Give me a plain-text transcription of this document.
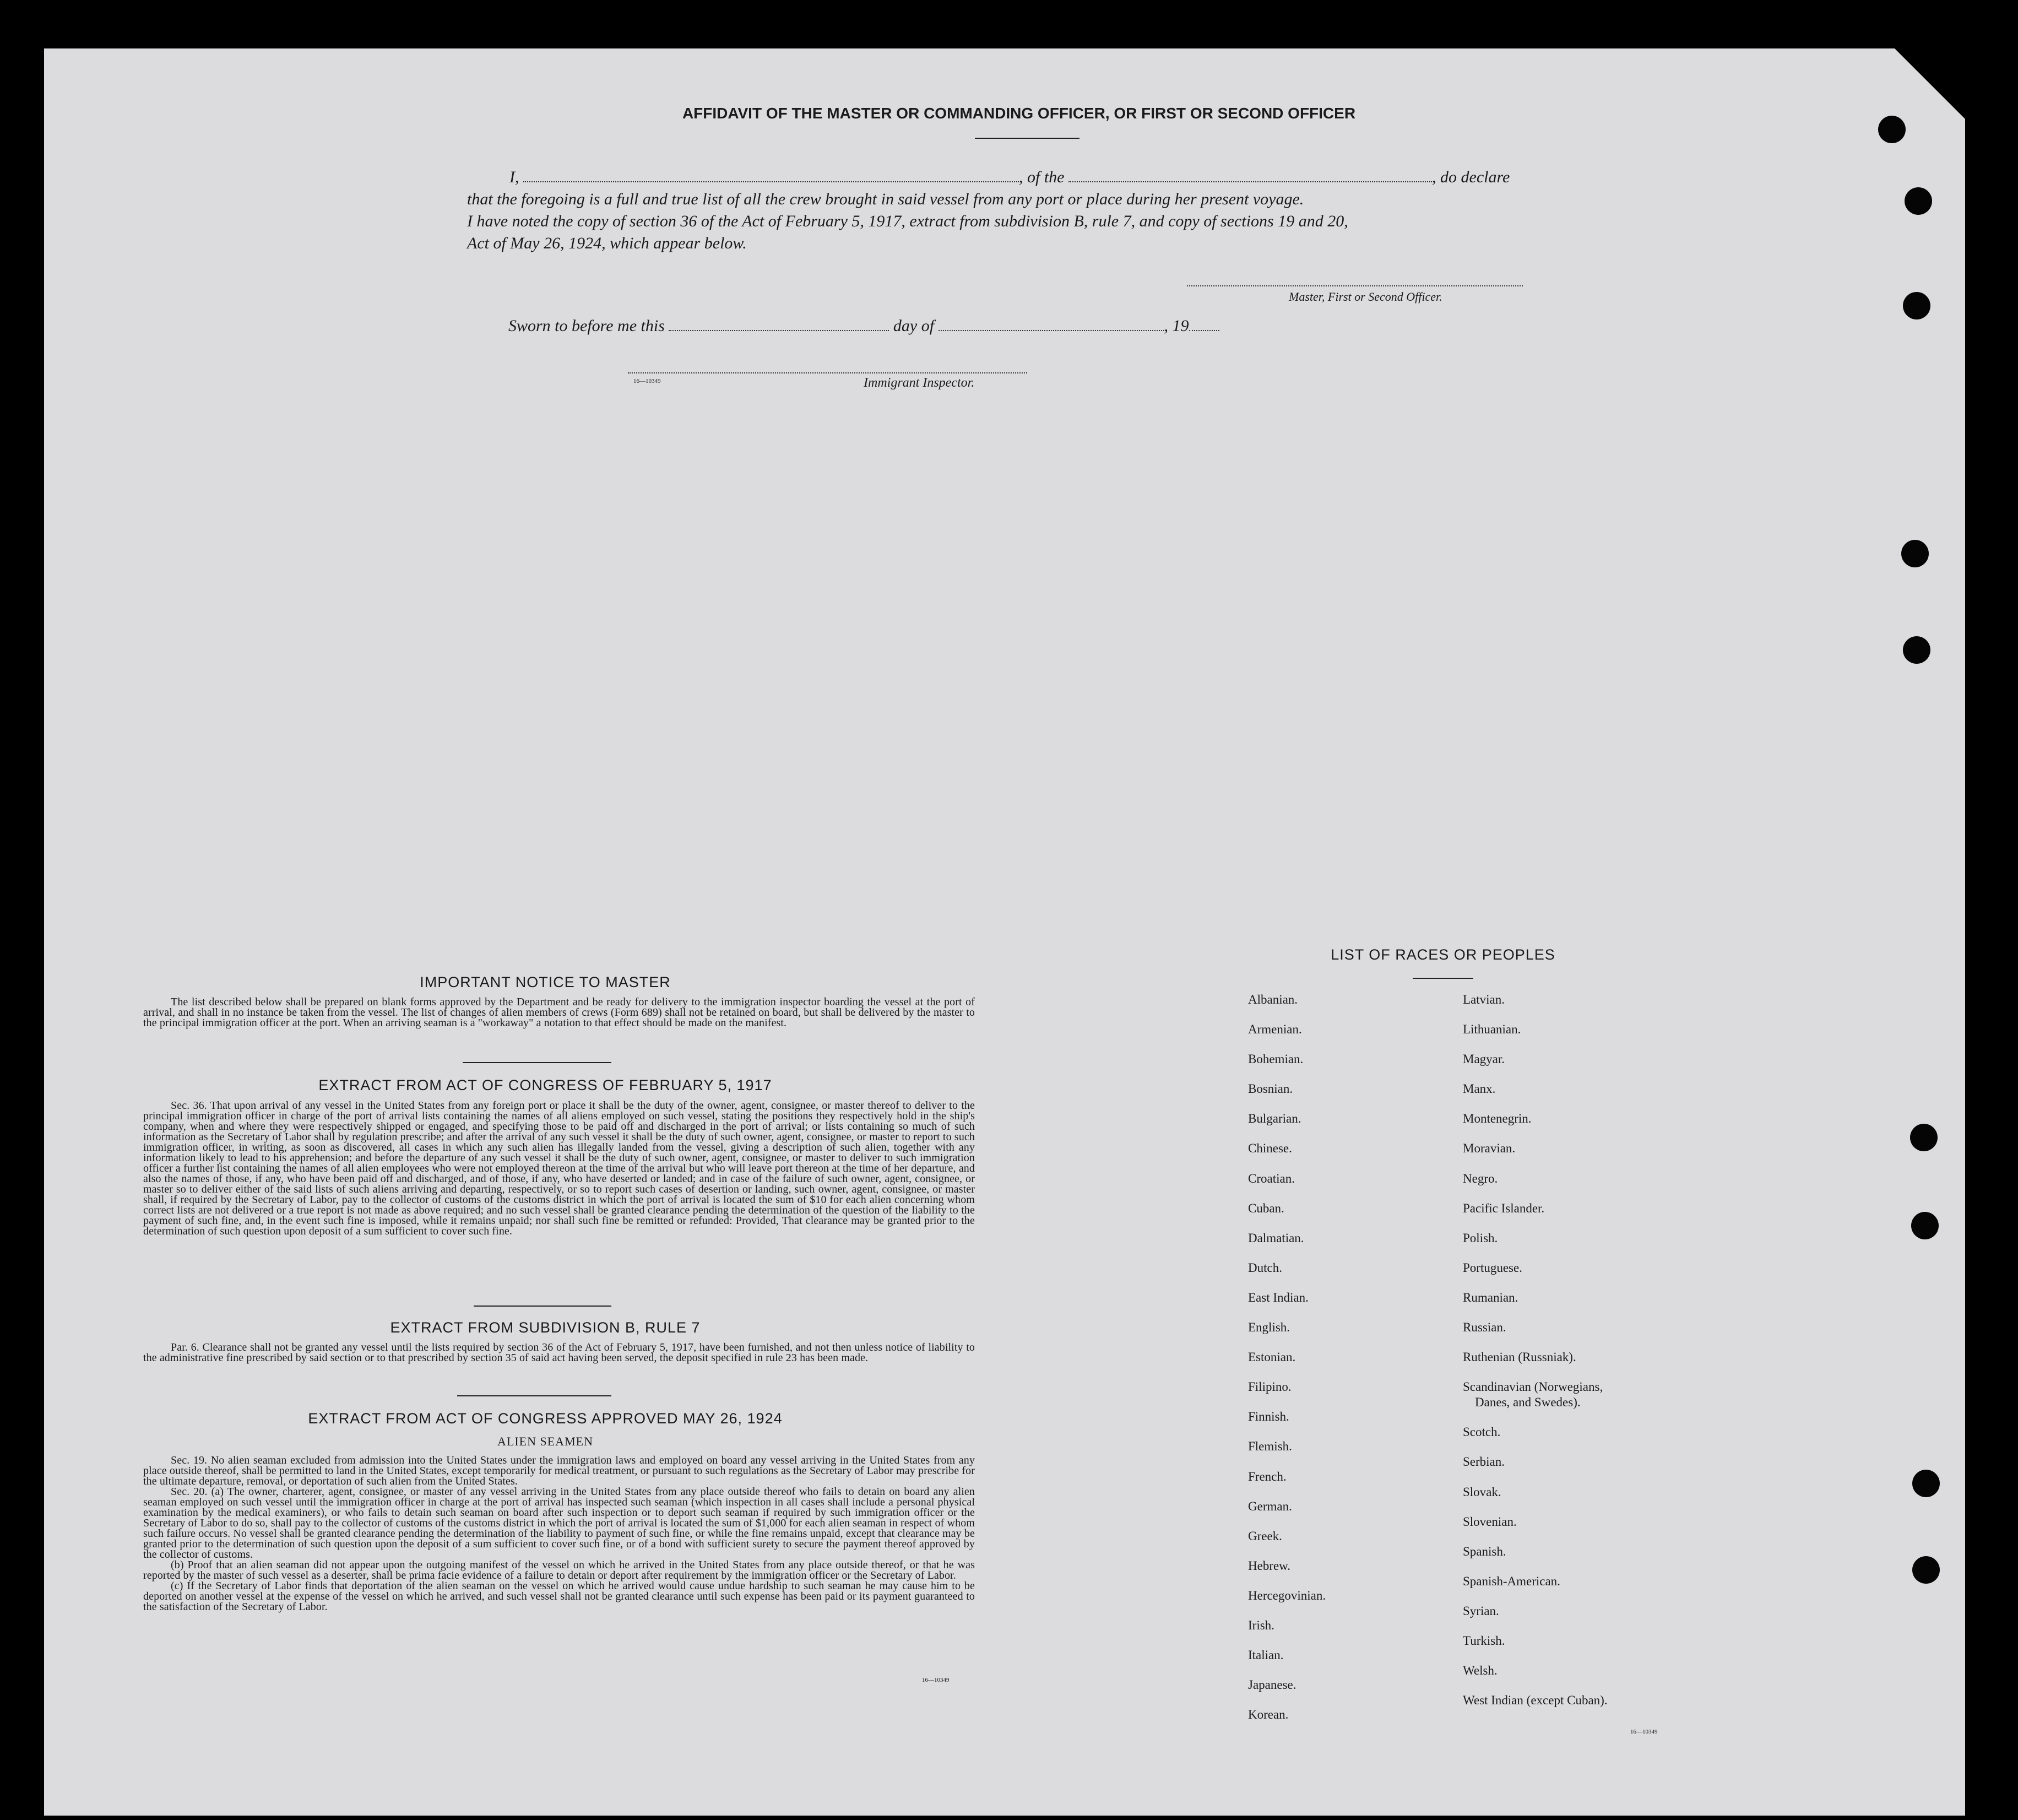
AFFIDAVIT OF THE MASTER OR COMMANDING OFFICER, OR FIRST OR SECOND OFFICER
I,	, of the	, do declare
that the foregoing is a full and true list of all the crew brought in said vessel from any port or place during her present voyage.
I have noted the copy of section 36 of the Act of February 5, 1917, extract from subdivision B, rule 7, and copy of sections 19 and 20,
Act of May 26, 1924, which appear below.
Master, First or Second Officer.
Sworn to before me this	day of	, 19
16—10349	Immigrant Inspector.
IMPORTANT NOTICE TO MASTER

The list described below shall be prepared on blank forms approved by the Department and be ready for delivery to the immigration inspector boarding the vessel at the port of arrival, and shall in no instance be taken from the vessel. The list of changes of alien members of crews (Form 689) shall not be retained on board, but shall be delivered by the master to the principal immigration officer at the port. When an arriving seaman is a "workaway" a notation to that effect should be made on the manifest.

EXTRACT FROM ACT OF CONGRESS OF FEBRUARY 5, 1917

Sec. 36. That upon arrival of any vessel in the United States from any foreign port or place it shall be the duty of the owner, agent, consignee, or master thereof to deliver to the principal immigration officer in charge of the port of arrival lists containing the names of all aliens employed on such vessel, stating the positions they respectively hold in the ship's company, when and where they were respectively shipped or engaged, and specifying those to be paid off and discharged in the port of arrival; or lists containing so much of such information as the Secretary of Labor shall by regulation prescribe; and after the arrival of any such vessel it shall be the duty of such owner, agent, consignee, or master to report to such immigration officer, in writing, as soon as discovered, all cases in which any such alien has illegally landed from the vessel, giving a description of such alien, together with any information likely to lead to his apprehension; and before the departure of any such vessel it shall be the duty of such owner, agent, consignee, or master to deliver to such immigration officer a further list containing the names of all alien employees who were not employed thereon at the time of the arrival but who will leave port thereon at the time of her departure, and also the names of those, if any, who have been paid off and discharged, and of those, if any, who have deserted or landed; and in case of the failure of such owner, agent, consignee, or master so to deliver either of the said lists of such aliens arriving and departing, respectively, or so to report such cases of desertion or landing, such owner, agent, consignee, or master shall, if required by the Secretary of Labor, pay to the collector of customs of the customs district in which the port of arrival is located the sum of $10 for each alien concerning whom correct lists are not delivered or a true report is not made as above required; and no such vessel shall be granted clearance pending the determination of the question of the liability to the payment of such fine, and, in the event such fine is imposed, while it remains unpaid; nor shall such fine be remitted or refunded: Provided, That clearance may be granted prior to the determination of such question upon deposit of a sum sufficient to cover such fine.

EXTRACT FROM SUBDIVISION B, RULE 7

Par. 6. Clearance shall not be granted any vessel until the lists required by section 36 of the Act of February 5, 1917, have been furnished, and not then unless notice of liability to the administrative fine prescribed by said section or to that prescribed by section 35 of said act having been served, the deposit specified in rule 23 has been made.

EXTRACT FROM ACT OF CONGRESS APPROVED MAY 26, 1924
ALIEN SEAMEN

Sec. 19. No alien seaman excluded from admission into the United States under the immigration laws and employed on board any vessel arriving in the United States from any place outside thereof, shall be permitted to land in the United States, except temporarily for medical treatment, or pursuant to such regulations as the Secretary of Labor may prescribe for the ultimate departure, removal, or deportation of such alien from the United States.

Sec. 20. (a) The owner, charterer, agent, consignee, or master of any vessel arriving in the United States from any place outside thereof who fails to detain on board any alien seaman employed on such vessel until the immigration officer in charge at the port of arrival has inspected such seaman (which inspection in all cases shall include a personal physical examination by the medical examiners), or who fails to detain such seaman on board after such inspection or to deport such seaman if required by such immigration officer or the Secretary of Labor to do so, shall pay to the collector of customs of the customs district in which the port of arrival is located the sum of $1,000 for each alien seaman in respect of whom such failure occurs. No vessel shall be granted clearance pending the determination of the liability to payment of such fine, or while the fine remains unpaid, except that clearance may be granted prior to the determination of such question upon the deposit of a sum sufficient to cover such fine, or of a bond with sufficient surety to secure the payment thereof approved by the collector of customs.

(b) Proof that an alien seaman did not appear upon the outgoing manifest of the vessel on which he arrived in the United States from any place outside thereof, or that he was reported by the master of such vessel as a deserter, shall be prima facie evidence of a failure to detain or deport after requirement by the immigration officer or the Secretary of Labor.

(c) If the Secretary of Labor finds that deportation of the alien seaman on the vessel on which he arrived would cause undue hardship to such seaman he may cause him to be deported on another vessel at the expense of the vessel on which he arrived, and such vessel shall not be granted clearance until such expense has been paid or its payment guaranteed to the satisfaction of the Secretary of Labor.

16—10349
LIST OF RACES OR PEOPLES
Albanian.
Armenian.
Bohemian.
Bosnian.
Bulgarian.
Chinese.
Croatian.
Cuban.
Dalmatian.
Dutch.
East Indian.
English.
Estonian.
Filipino.
Finnish.
Flemish.
French.
German.
Greek.
Hebrew.
Hercegovinian.
Irish.
Italian.
Japanese.
Korean.
Latvian.
Lithuanian.
Magyar.
Manx.
Montenegrin.
Moravian.
Negro.
Pacific Islander.
Polish.
Portuguese.
Rumanian.
Russian.
Ruthenian (Russniak).
Scandinavian (Norwegians,
Danes, and Swedes).
Scotch.
Serbian.
Slovak.
Slovenian.
Spanish.
Spanish-American.
Syrian.
Turkish.
Welsh.
West Indian (except Cuban).
16—10349
